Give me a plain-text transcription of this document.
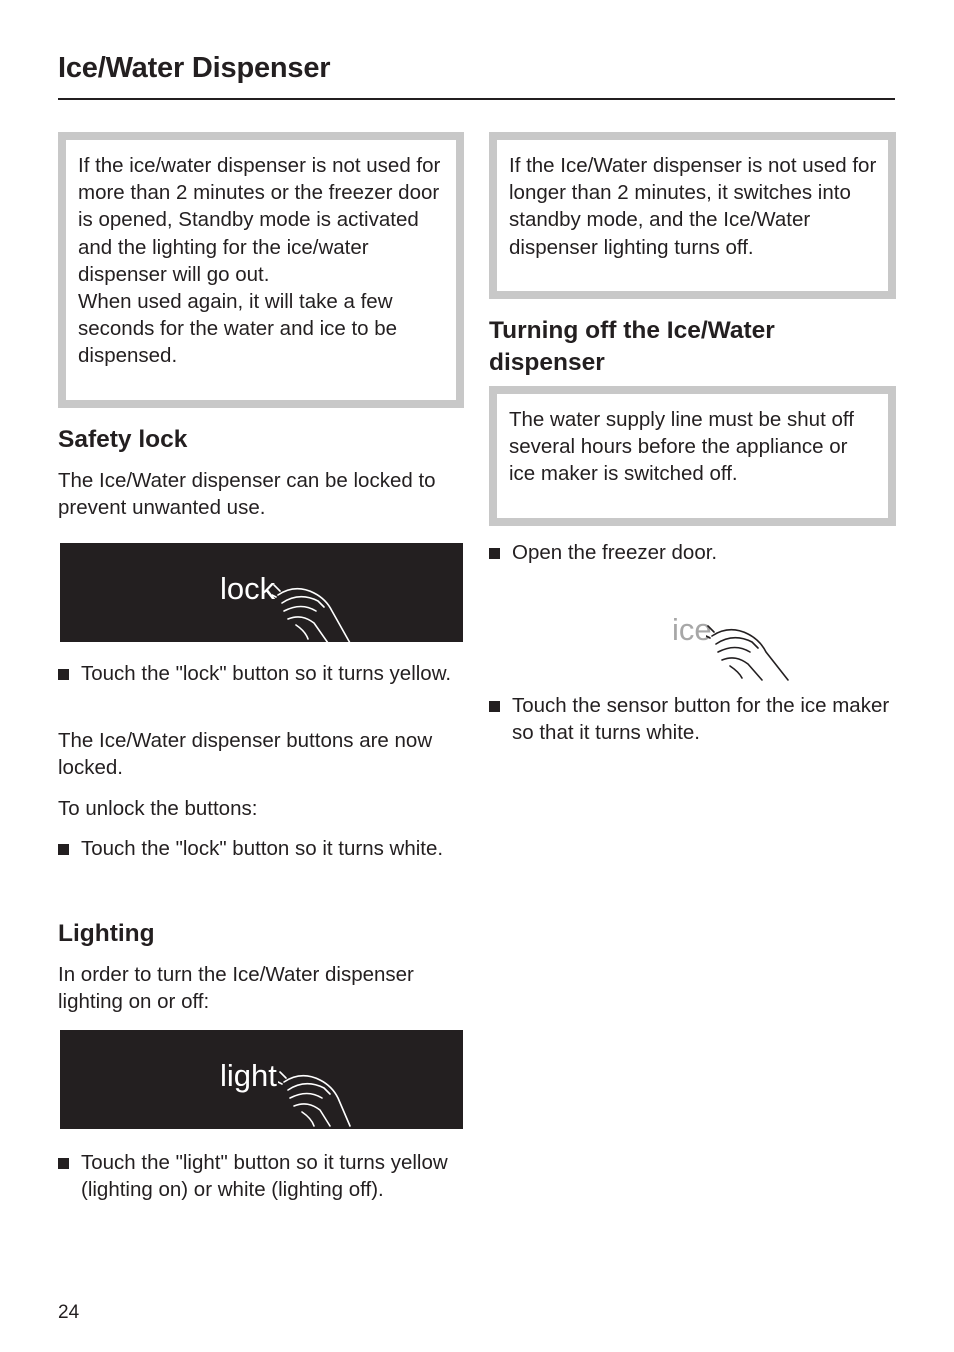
Ice/Water Dispenser

If the ice/water dispenser is not used for more than 2 minutes or the freezer door is opened, Standby mode is activated and the lighting for the ice/water dispenser will go out.

When used again, it will take a few seconds for the water and ice to be dispensed.

Safety lock
The Ice/Water dispenser can be locked to prevent unwanted use.
lock
Touch the "lock" button so it turns yellow.
The Ice/Water dispenser buttons are now locked.
To unlock the buttons:
Touch the "lock" button so it turns white.
Lighting
In order to turn the Ice/Water dispenser lighting on or off:
light
Touch the "light" button so it turns yellow (lighting on) or white (lighting off).

If the Ice/Water dispenser is not used for longer than 2 minutes, it switches into standby mode, and the Ice/Water dispenser lighting turns off.

Turning off the Ice/Water dispenser

The water supply line must be shut off several hours before the appliance or ice maker is switched off.

Open the freezer door.
ice
Touch the sensor button for the ice maker so that it turns white.
24
